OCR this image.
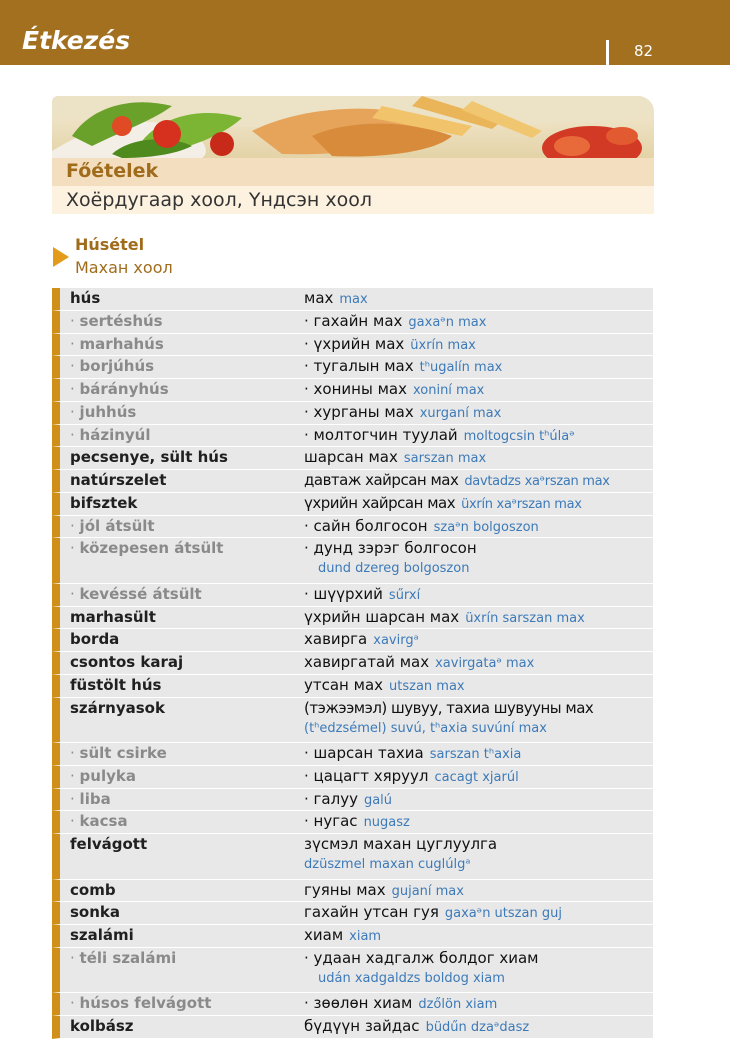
Étkezés	82
Főételek
Хоёрдугаар хоол, Үндсэн хоол
Húsétel
Махан хоол
hús	мах max
· sertéshús	· гахайн мах gaxaᵊn max
· marhahús	· үхрийн мах üxrín max
· borjúhús	· тугалын мах tʰugalín max
· bárányhús	· хонины мах xoniní max
· juhhús	· хурганы мах xurganí max
· házinyúl	· молтогчин туулай moltogcsin tʰúlaᵊ
pecsenye, sült hús	шарсан мах sarszan max
natúrszelet	давтаж хайрсан мах davtadzs xaᵊrszan max
bifsztek	үхрийн хайрсан мах üxrín xaᵊrszan max
· jól átsült	· сайн болгосон szaᵊn bolgoszon
· közepesen átsült	· дунд зэрэг болгосон
dund dzereg bolgoszon
· kevéssé átsült	· шүүрхий sűrxí
marhasült	үхрийн шарсан мах üxrín sarszan max
borda	хавирга xavirgᵃ
csontos karaj	хавиргатай мах xavirgataᵊ max
füstölt hús	утсан мах utszan max
szárnyasok	(тэжээмэл) шувуу, тахиа шувууны мах
(tʰedzsémel) suvú, tʰaxia suvúní max
· sült csirke	· шарсан тахиа sarszan tʰaxia
· pulyka	· цацагт хяруул cacagt xjarúl
· liba	· галуу galú
· kacsa	· нугас nugasz
felvágott	зүсмэл махан цуглуулга
dzüszmel maxan cuglúlgᵃ
comb	гуяны мах gujaní max
sonka	гахайн утсан гуя gaxaᵊn utszan guj
szalámi	хиам xiam
· téli szalámi	· удаан хадгалж болдог хиам
udán xadgaldzs boldog xiam
· húsos felvágott	· зөөлөн хиам dzőlön xiam
kolbász	бүдүүн зайдас büdűn dzaᵊdasz
